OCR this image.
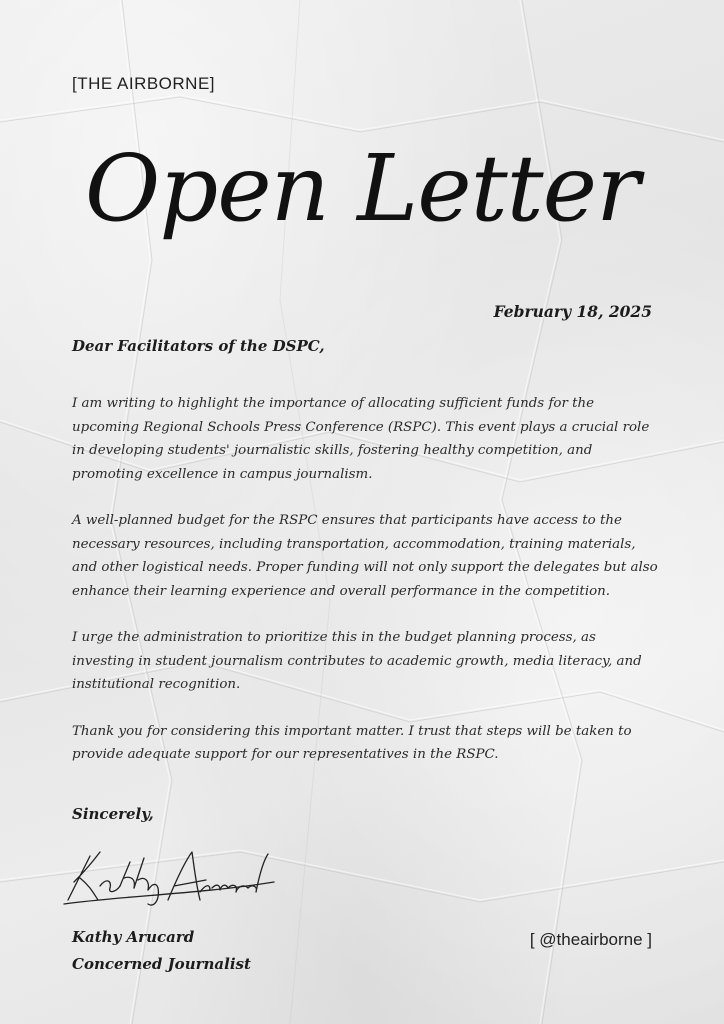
[THE AIRBORNE]
Open Letter
February 18, 2025
Dear Facilitators of the DSPC,

I am writing to highlight the importance of allocating sufficient funds for the upcoming Regional Schools Press Conference (RSPC). This event plays a crucial role in developing students' journalistic skills, fostering healthy competition, and promoting excellence in campus journalism.

A well-planned budget for the RSPC ensures that participants have access to the necessary resources, including transportation, accommodation, training materials, and other logistical needs. Proper funding will not only support the delegates but also enhance their learning experience and overall performance in the competition.

I urge the administration to prioritize this in the budget planning process, as investing in student journalism contributes to academic growth, media literacy, and institutional recognition.

Thank you for considering this important matter. I trust that steps will be taken to provide adequate support for our representatives in the RSPC.

Sincerely,
Kathy Arucard
Concerned Journalist
[ @theairborne ]
